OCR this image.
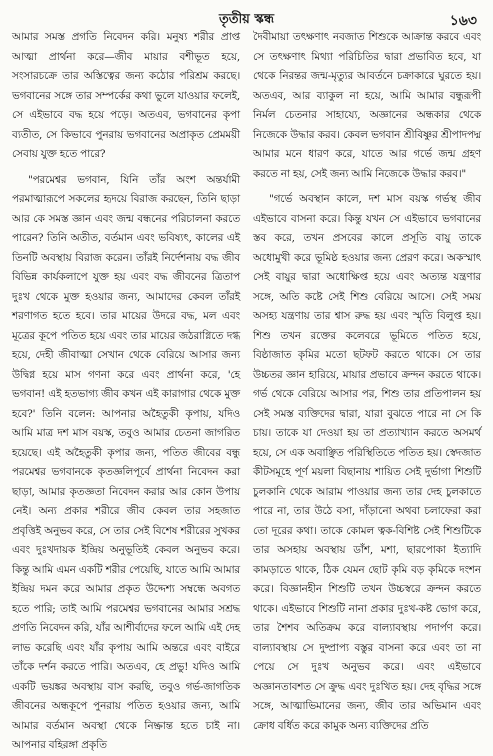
তৃতীয় স্কন্ধ	১৬৩

আমার সমস্ত প্রগতি নিবেদন করি। মনুষ্য শরীর প্রাপ্ত আত্মা প্রার্থনা করে—জীব মায়ার বশীভূত হয়ে, সংসারচক্রে তার অস্তিত্বের জন্য কঠোর পরিশ্রম করছে। ভগবানের সঙ্গে তার সম্পর্কের কথা ভুলে যাওয়ার ফলেই, সে এইভাবে বদ্ধ হয়ে পড়ে। অতএব, ভগবানের কৃপা ব্যতীত, সে কিভাবে পুনরায় ভগবানের অপ্রাকৃত প্রেমময়ী সেবায় যুক্ত হতে পারে?

"পরমেশ্বর ভগবান, যিনি তাঁর অংশ অন্তর্যামী পরমাত্মারূপে সকলের হৃদয়ে বিরাজ করছেন, তিনি ছাড়া আর কে সমস্ত জ্ঞান এবং জন্ম বন্ধনের পরিচালনা করতে পারেন? তিনি অতীত, বর্তমান এবং ভবিষ্যৎ, কালের এই তিনটি অবস্থায় বিরাজ করেন। তাঁরই নির্দেশনায় বদ্ধ জীব বিভিন্ন কার্যকলাপে যুক্ত হয় এবং বদ্ধ জীবনের ত্রিতাপ দুঃখ থেকে মুক্ত হওয়ার জন্য, আমাদের কেবল তাঁরই শরণাগত হতে হবে। তার মায়ের উদরে বদ্ধ, মল এবং মূত্রের কূপে পতিত হয়ে এবং তার মায়ের জঠরাগ্নিতে দগ্ধ হয়ে, দেহী জীবাত্মা সেখান থেকে বেরিয়ে আসার জন্য উদ্বিগ্ন হয়ে মাস গণনা করে এবং প্রার্থনা করে, 'হে ভগবান! এই হতভাগ্য জীব কখন এই কারাগার থেকে মুক্ত হবে?' তিনি বলেন: আপনার অহৈতুকী কৃপায়, যদিও আমি মাত্র দশ মাস বয়স্ক, তবুও আমার চেতনা জাগরিত হয়েছে। এই অহৈতুকী কৃপার জন্য, পতিত জীবের বন্ধু পরমেশ্বর ভগবানকে কৃতজ্ঞলিপূর্বে প্রার্থনা নিবেদন করা ছাড়া, আমার কৃতজ্ঞতা নিবেদন করার আর কোন উপায় নেই। অন্য প্রকার শরীরে জীব কেবল তার সহজাত প্রবৃত্তিই অনুভব করে, সে তার সেই বিশেষ শরীরের সুখকর এবং দুঃখদায়ক ইন্দ্রিয় অনুভূতিই কেবল অনুভব করে। কিন্তু আমি এমন একটি শরীর পেয়েছি, যাতে আমি আমার ইন্দ্রিয় দমন করে আমার প্রকৃত উদ্দেশ্য সম্বন্ধে অবগত হতে পারি; তাই আমি পরমেশ্বর ভগবানের আমার সশ্রদ্ধ প্রণতি নিবেদন করি, যাঁর আশীর্বাদের ফলে আমি এই দেহ লাভ করেছি এবং যাঁর কৃপায় আমি অন্তরে এবং বাইরে তাঁকে দর্শন করতে পারি। অতএব, হে প্রভু! যদিও আমি একটি ভয়ঙ্কর অবস্থায় বাস করছি, তবুও গর্ভ-জাগতিক জীবনের অন্ধকূপে পুনরায় পতিত হওয়ার জন্য, আমি আমার বর্তমান অবস্থা থেকে নিষ্ক্রান্ত হতে চাই না। আপনার বহিরঙ্গা প্রকৃতি

দৈবীমায়া তৎক্ষণাৎ নবজাত শিশুকে আক্রান্ত করবে এবং সে তৎক্ষণাৎ মিথ্যা পরিচিতির দ্বারা প্রভাবিত হবে, যা থেকে নিরন্তর জন্ম-মৃত্যুর আবর্তনে চক্রাকারে ঘুরতে হয়। অতএব, আর ব্যাকুল না হয়ে, আমি আমার বন্ধুরূপী নির্মল চেতনার সাহায্যে, অজ্ঞানের অন্ধকার থেকে নিজেকে উদ্ধার করব। কেবল ভগবান শ্রীবিষ্ণুর শ্রীপাদপদ্ম আমার মনে ধারণ করে, যাতে আর গর্ভে জন্ম গ্রহণ করতে না হয়, সেই জন্য আমি নিজেকে উদ্ধার করব।"

"গর্ভে অবস্থান কালে, দশ মাস বয়স্ক গর্ভস্থ জীব এইভাবে বাসনা করে। কিন্তু যখন সে এইভাবে ভগবানের স্তব করে, তখন প্রসবের কালে প্রসূতি বায়ু তাকে অধোমুখী করে ভূমিষ্ঠ হওয়ার জন্য প্রেরণ করে। অকস্মাৎ সেই বায়ুর দ্বারা অধোক্ষিপ্ত হয়ে এবং অত্যন্ত যন্ত্রণার সঙ্গে, অতি কষ্টে সেই শিশু বেরিয়ে আসে। সেই সময় অসহ্য যন্ত্রণায় তার শ্বাস রুদ্ধ হয় এবং স্মৃতি বিলুপ্ত হয়। শিশু তখন রক্তের কলেবরে ভূমিতে পতিত হয়ে, বিষ্ঠাজাত কৃমির মতো ছটফট করতে থাকে। সে তার উচ্চতর জ্ঞান হারিয়ে, মায়ার প্রভাবে ক্রন্দন করতে থাকে। গর্ভ থেকে বেরিয়ে আসার পর, শিশু তার প্রতিপালন হয় সেই সমস্ত ব্যক্তিদের দ্বারা, যারা বুঝতে পারে না সে কি চায়। তাকে যা দেওয়া হয় তা প্রত্যাখ্যান করতে অসমর্থ হয়ে, সে এক অবাঞ্ছিত পরিস্থিতিতে পতিত হয়। স্বেদজাত কীটসমূহে পূর্ণ ময়লা বিছানায় শায়িত সেই দুর্ভাগা শিশুটি চুলকানি থেকে আরাম পাওয়ার জন্য তার দেহ চুলকাতে পারে না, তার উঠে বসা, দাঁড়ানো অথবা চলাফেরা করা তো দূরের কথা। তাকে কোমল ত্বক-বিশিষ্ট সেই শিশুটিকে তার অসহায় অবস্থায় ডাঁশ, মশা, ছারপোকা ইত্যাদি কামড়াতে থাকে, ঠিক যেমন ছোট কৃমি বড় কৃমিকে দংশন করে। বিজ্ঞানহীন শিশুটি তখন উচ্চস্বরে ক্রন্দন করতে থাকে। এইভাবে শিশুটি নানা প্রকার দুঃখ-কষ্ট ভোগ করে, তার শৈশব অতিক্রম করে বাল্যাবস্থায় পদার্পণ করে। বাল্যাবস্থায় সে দুষ্প্রাপ্য বস্তুর বাসনা করে এবং তা না পেয়ে সে দুঃখ অনুভব করে। এবং এইভাবে অজ্ঞানতাবশত সে ক্রুদ্ধ এবং দুঃখিত হয়। দেহ বৃদ্ধির সঙ্গে সঙ্গে, আত্মাভিমানের জন্য, জীব তার অভিমান এবং ক্রোধ বর্ধিত করে কামুক অন্য ব্যক্তিদের প্রতি
